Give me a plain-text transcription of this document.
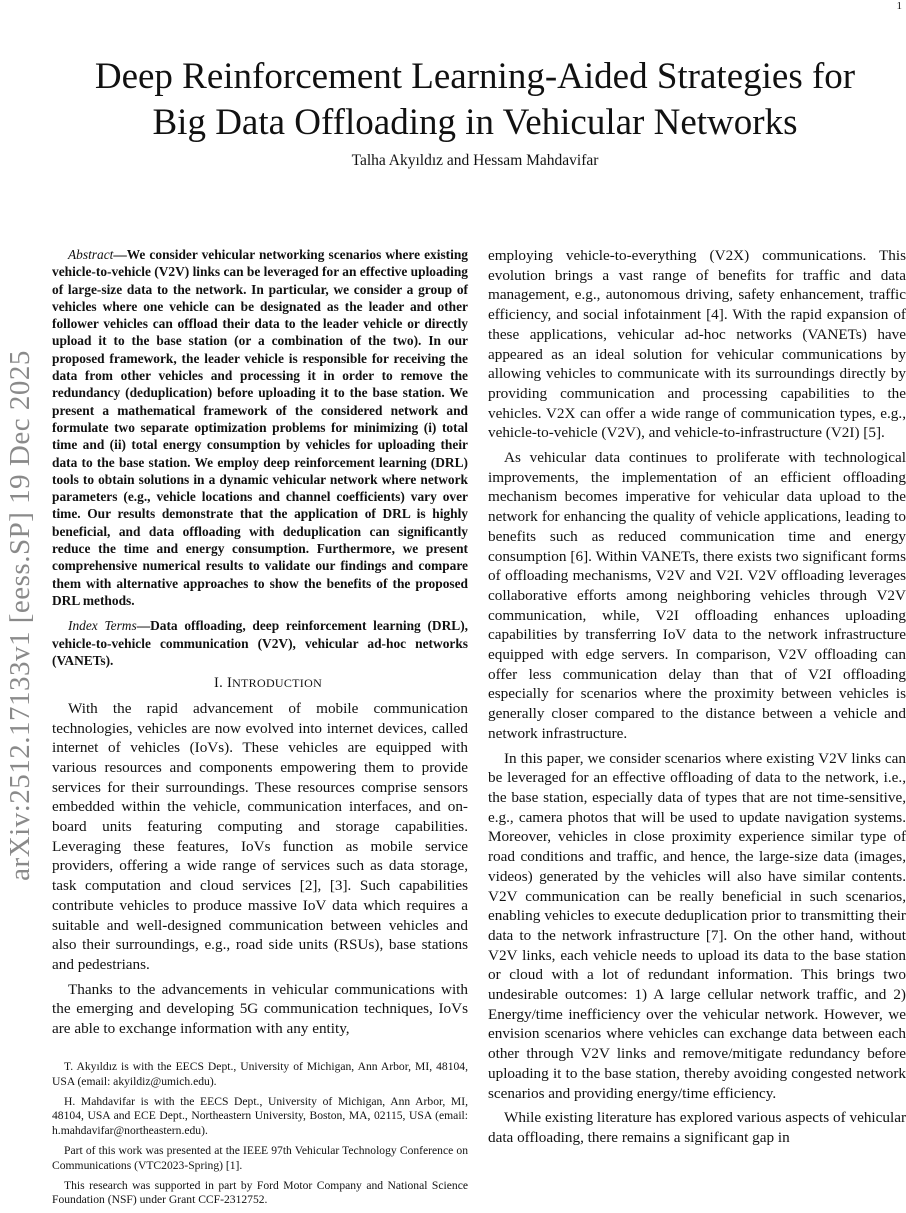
1
arXiv:2512.17133v1 [eess.SP] 19 Dec 2025
Deep Reinforcement Learning-Aided Strategies for
Big Data Offloading in Vehicular Networks
Talha Akyıldız and Hessam Mahdavifar

Abstract—We consider vehicular networking scenarios where existing vehicle-to-vehicle (V2V) links can be leveraged for an effective uploading of large-size data to the network. In particular, we consider a group of vehicles where one vehicle can be designated as the leader and other follower vehicles can offload their data to the leader vehicle or directly upload it to the base station (or a combination of the two). In our proposed framework, the leader vehicle is responsible for receiving the data from other vehicles and processing it in order to remove the redundancy (deduplication) before uploading it to the base station. We present a mathematical framework of the considered network and formulate two separate optimization problems for minimizing (i) total time and (ii) total energy consumption by vehicles for uploading their data to the base station. We employ deep reinforcement learning (DRL) tools to obtain solutions in a dynamic vehicular network where network parameters (e.g., vehicle locations and channel coefficients) vary over time. Our results demonstrate that the application of DRL is highly beneficial, and data offloading with deduplication can significantly reduce the time and energy consumption. Furthermore, we present comprehensive numerical results to validate our findings and compare them with alternative approaches to show the benefits of the proposed DRL methods.

Index Terms—Data offloading, deep reinforcement learning (DRL), vehicle-to-vehicle communication (V2V), vehicular ad-hoc networks (VANETs).

I. INTRODUCTION

With the rapid advancement of mobile communication technologies, vehicles are now evolved into internet devices, called internet of vehicles (IoVs). These vehicles are equipped with various resources and components empowering them to provide services for their surroundings. These resources comprise sensors embedded within the vehicle, communication interfaces, and on-board units featuring computing and storage capabilities. Leveraging these features, IoVs function as mobile service providers, offering a wide range of services such as data storage, task computation and cloud services [2], [3]. Such capabilities contribute vehicles to produce massive IoV data which requires a suitable and well-designed communication between vehicles and also their surroundings, e.g., road side units (RSUs), base stations and pedestrians.

Thanks to the advancements in vehicular communications with the emerging and developing 5G communication techniques, IoVs are able to exchange information with any entity,

T. Akyıldız is with the EECS Dept., University of Michigan, Ann Arbor, MI, 48104, USA (email: akyildiz@umich.edu).

H. Mahdavifar is with the EECS Dept., University of Michigan, Ann Arbor, MI, 48104, USA and ECE Dept., Northeastern University, Boston, MA, 02115, USA (email: h.mahdavifar@northeastern.edu).

Part of this work was presented at the IEEE 97th Vehicular Technology Conference on Communications (VTC2023-Spring) [1].

This research was supported in part by Ford Motor Company and National Science Foundation (NSF) under Grant CCF-2312752.

employing vehicle-to-everything (V2X) communications. This evolution brings a vast range of benefits for traffic and data management, e.g., autonomous driving, safety enhancement, traffic efficiency, and social infotainment [4]. With the rapid expansion of these applications, vehicular ad-hoc networks (VANETs) have appeared as an ideal solution for vehicular communications by allowing vehicles to communicate with its surroundings directly by providing communication and processing capabilities to the vehicles. V2X can offer a wide range of communication types, e.g., vehicle-to-vehicle (V2V), and vehicle-to-infrastructure (V2I) [5].

As vehicular data continues to proliferate with technological improvements, the implementation of an efficient offloading mechanism becomes imperative for vehicular data upload to the network for enhancing the quality of vehicle applications, leading to benefits such as reduced communication time and energy consumption [6]. Within VANETs, there exists two significant forms of offloading mechanisms, V2V and V2I. V2V offloading leverages collaborative efforts among neighboring vehicles through V2V communication, while, V2I offloading enhances uploading capabilities by transferring IoV data to the network infrastructure equipped with edge servers. In comparison, V2V offloading can offer less communication delay than that of V2I offloading especially for scenarios where the proximity between vehicles is generally closer compared to the distance between a vehicle and network infrastructure.

In this paper, we consider scenarios where existing V2V links can be leveraged for an effective offloading of data to the network, i.e., the base station, especially data of types that are not time-sensitive, e.g., camera photos that will be used to update navigation systems. Moreover, vehicles in close proximity experience similar type of road conditions and traffic, and hence, the large-size data (images, videos) generated by the vehicles will also have similar contents. V2V communication can be really beneficial in such scenarios, enabling vehicles to execute deduplication prior to transmitting their data to the network infrastructure [7]. On the other hand, without V2V links, each vehicle needs to upload its data to the base station or cloud with a lot of redundant information. This brings two undesirable outcomes: 1) A large cellular network traffic, and 2) Energy/time inefficiency over the vehicular network. However, we envision scenarios where vehicles can exchange data between each other through V2V links and remove/mitigate redundancy before uploading it to the base station, thereby avoiding congested network scenarios and providing energy/time efficiency.

While existing literature has explored various aspects of vehicular data offloading, there remains a significant gap in
